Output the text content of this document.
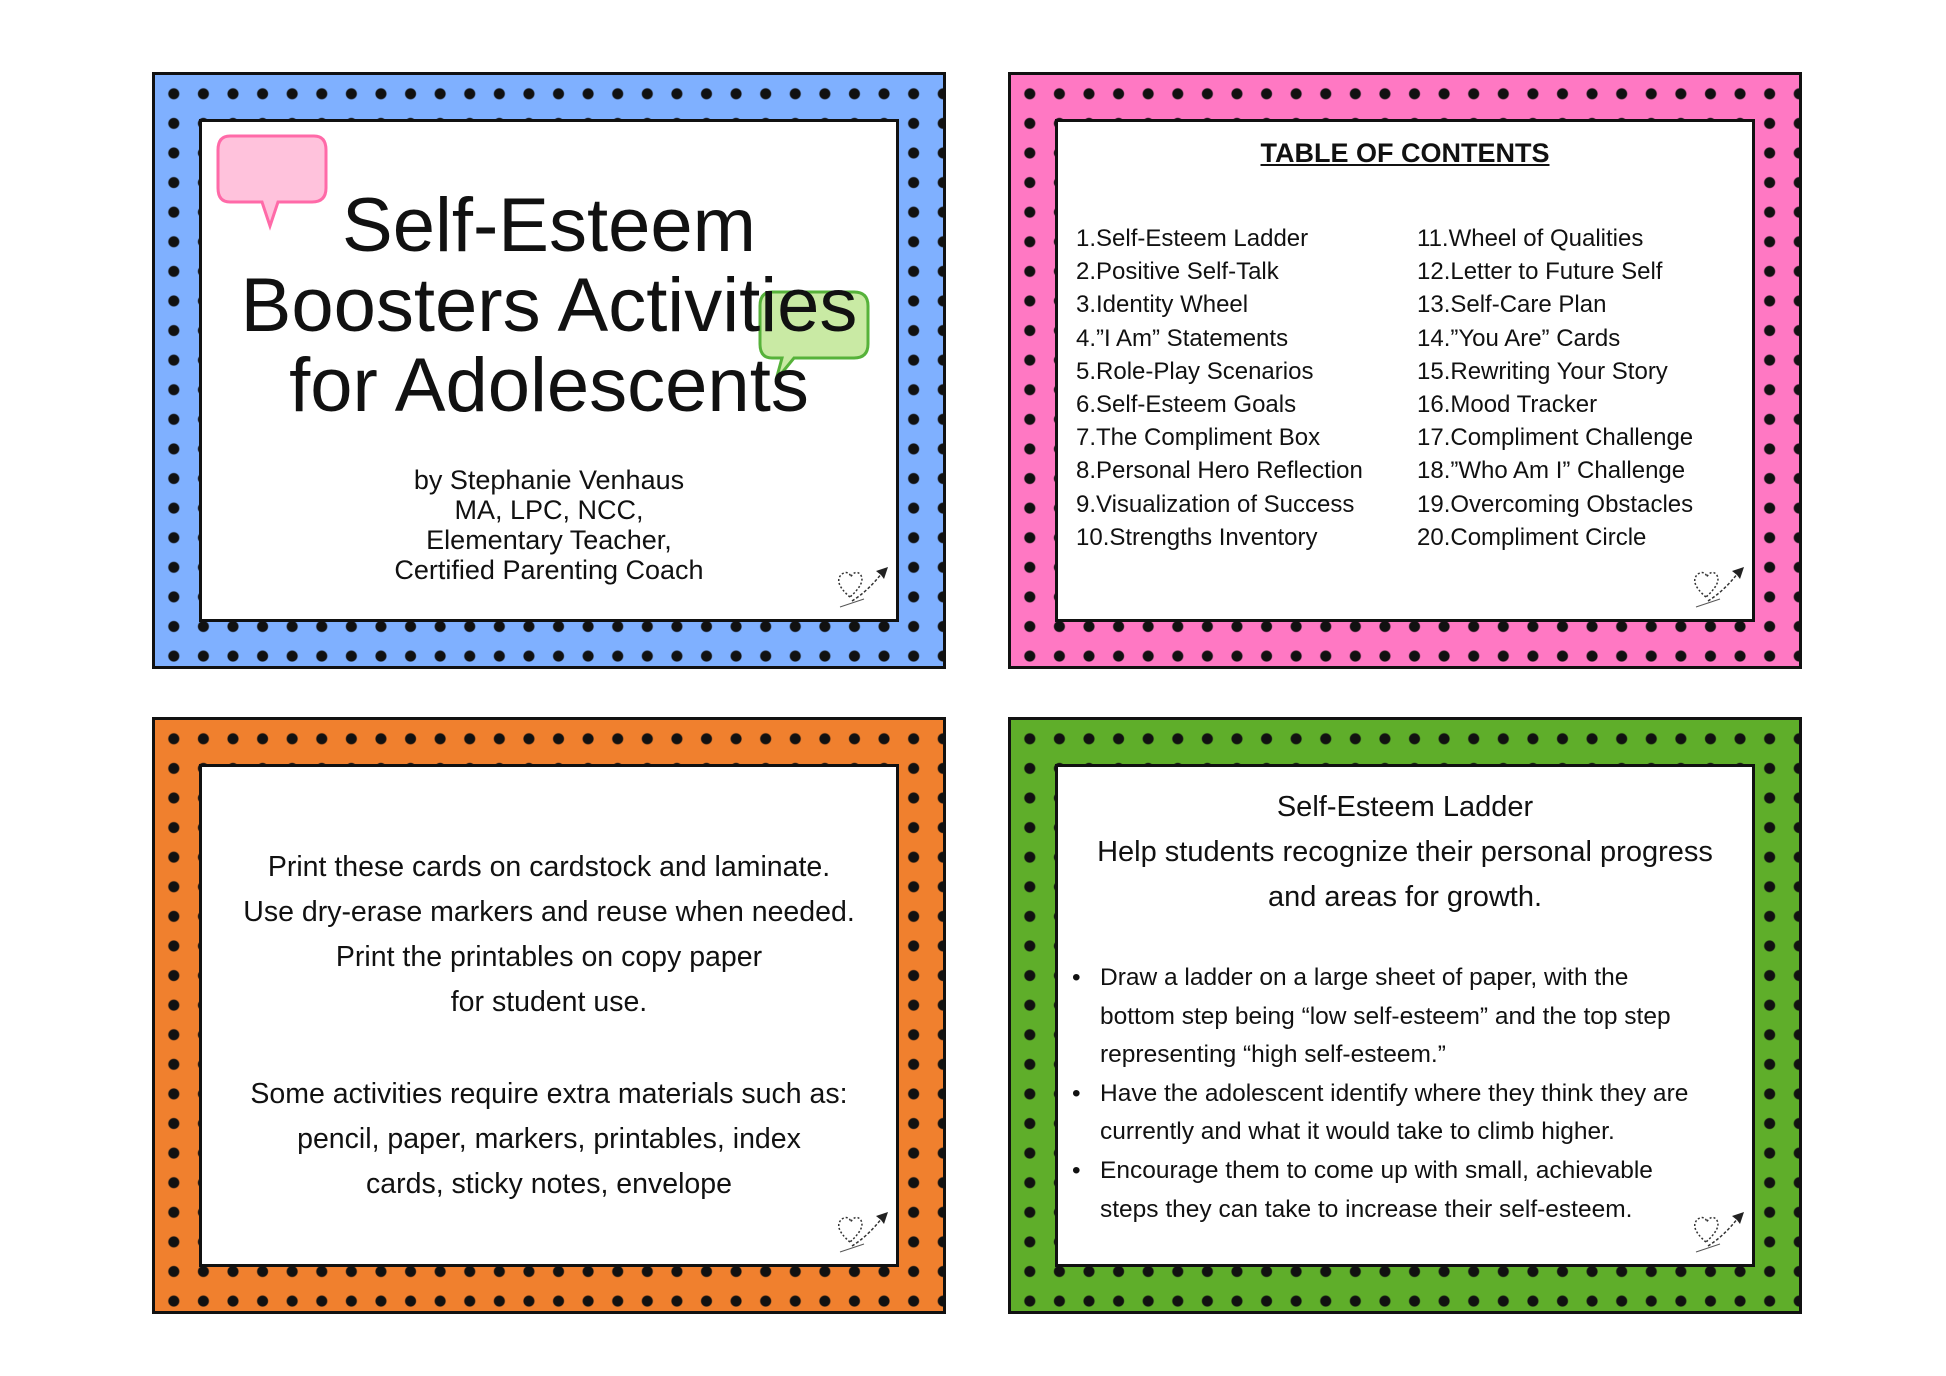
Self-Esteem
Boosters Activities
for Adolescents
by Stephanie Venhaus
MA, LPC, NCC,
Elementary Teacher,
Certified Parenting Coach
TABLE OF CONTENTS
1.Self-Esteem Ladder
2.Positive Self-Talk
3.Identity Wheel
4.”I Am” Statements
5.Role-Play Scenarios
6.Self-Esteem Goals
7.The Compliment Box
8.Personal Hero Reflection
9.Visualization of Success
10.Strengths Inventory
11.Wheel of Qualities
12.Letter to Future Self
13.Self-Care Plan
14.”You Are” Cards
15.Rewriting Your Story
16.Mood Tracker
17.Compliment Challenge
18.”Who Am I” Challenge
19.Overcoming Obstacles
20.Compliment Circle
Print these cards on cardstock and laminate.
Use dry-erase markers and reuse when needed.
Print the printables on copy paper
for student use.
Some activities require extra materials such as:
pencil, paper, markers, printables, index
cards, sticky notes, envelope
Self-Esteem Ladder
Help students recognize their personal progress
and areas for growth.
• Draw a ladder on a large sheet of paper, with the
bottom step being “low self-esteem” and the top step
representing “high self-esteem.”
• Have the adolescent identify where they think they are
currently and what it would take to climb higher.
• Encourage them to come up with small, achievable
steps they can take to increase their self-esteem.
